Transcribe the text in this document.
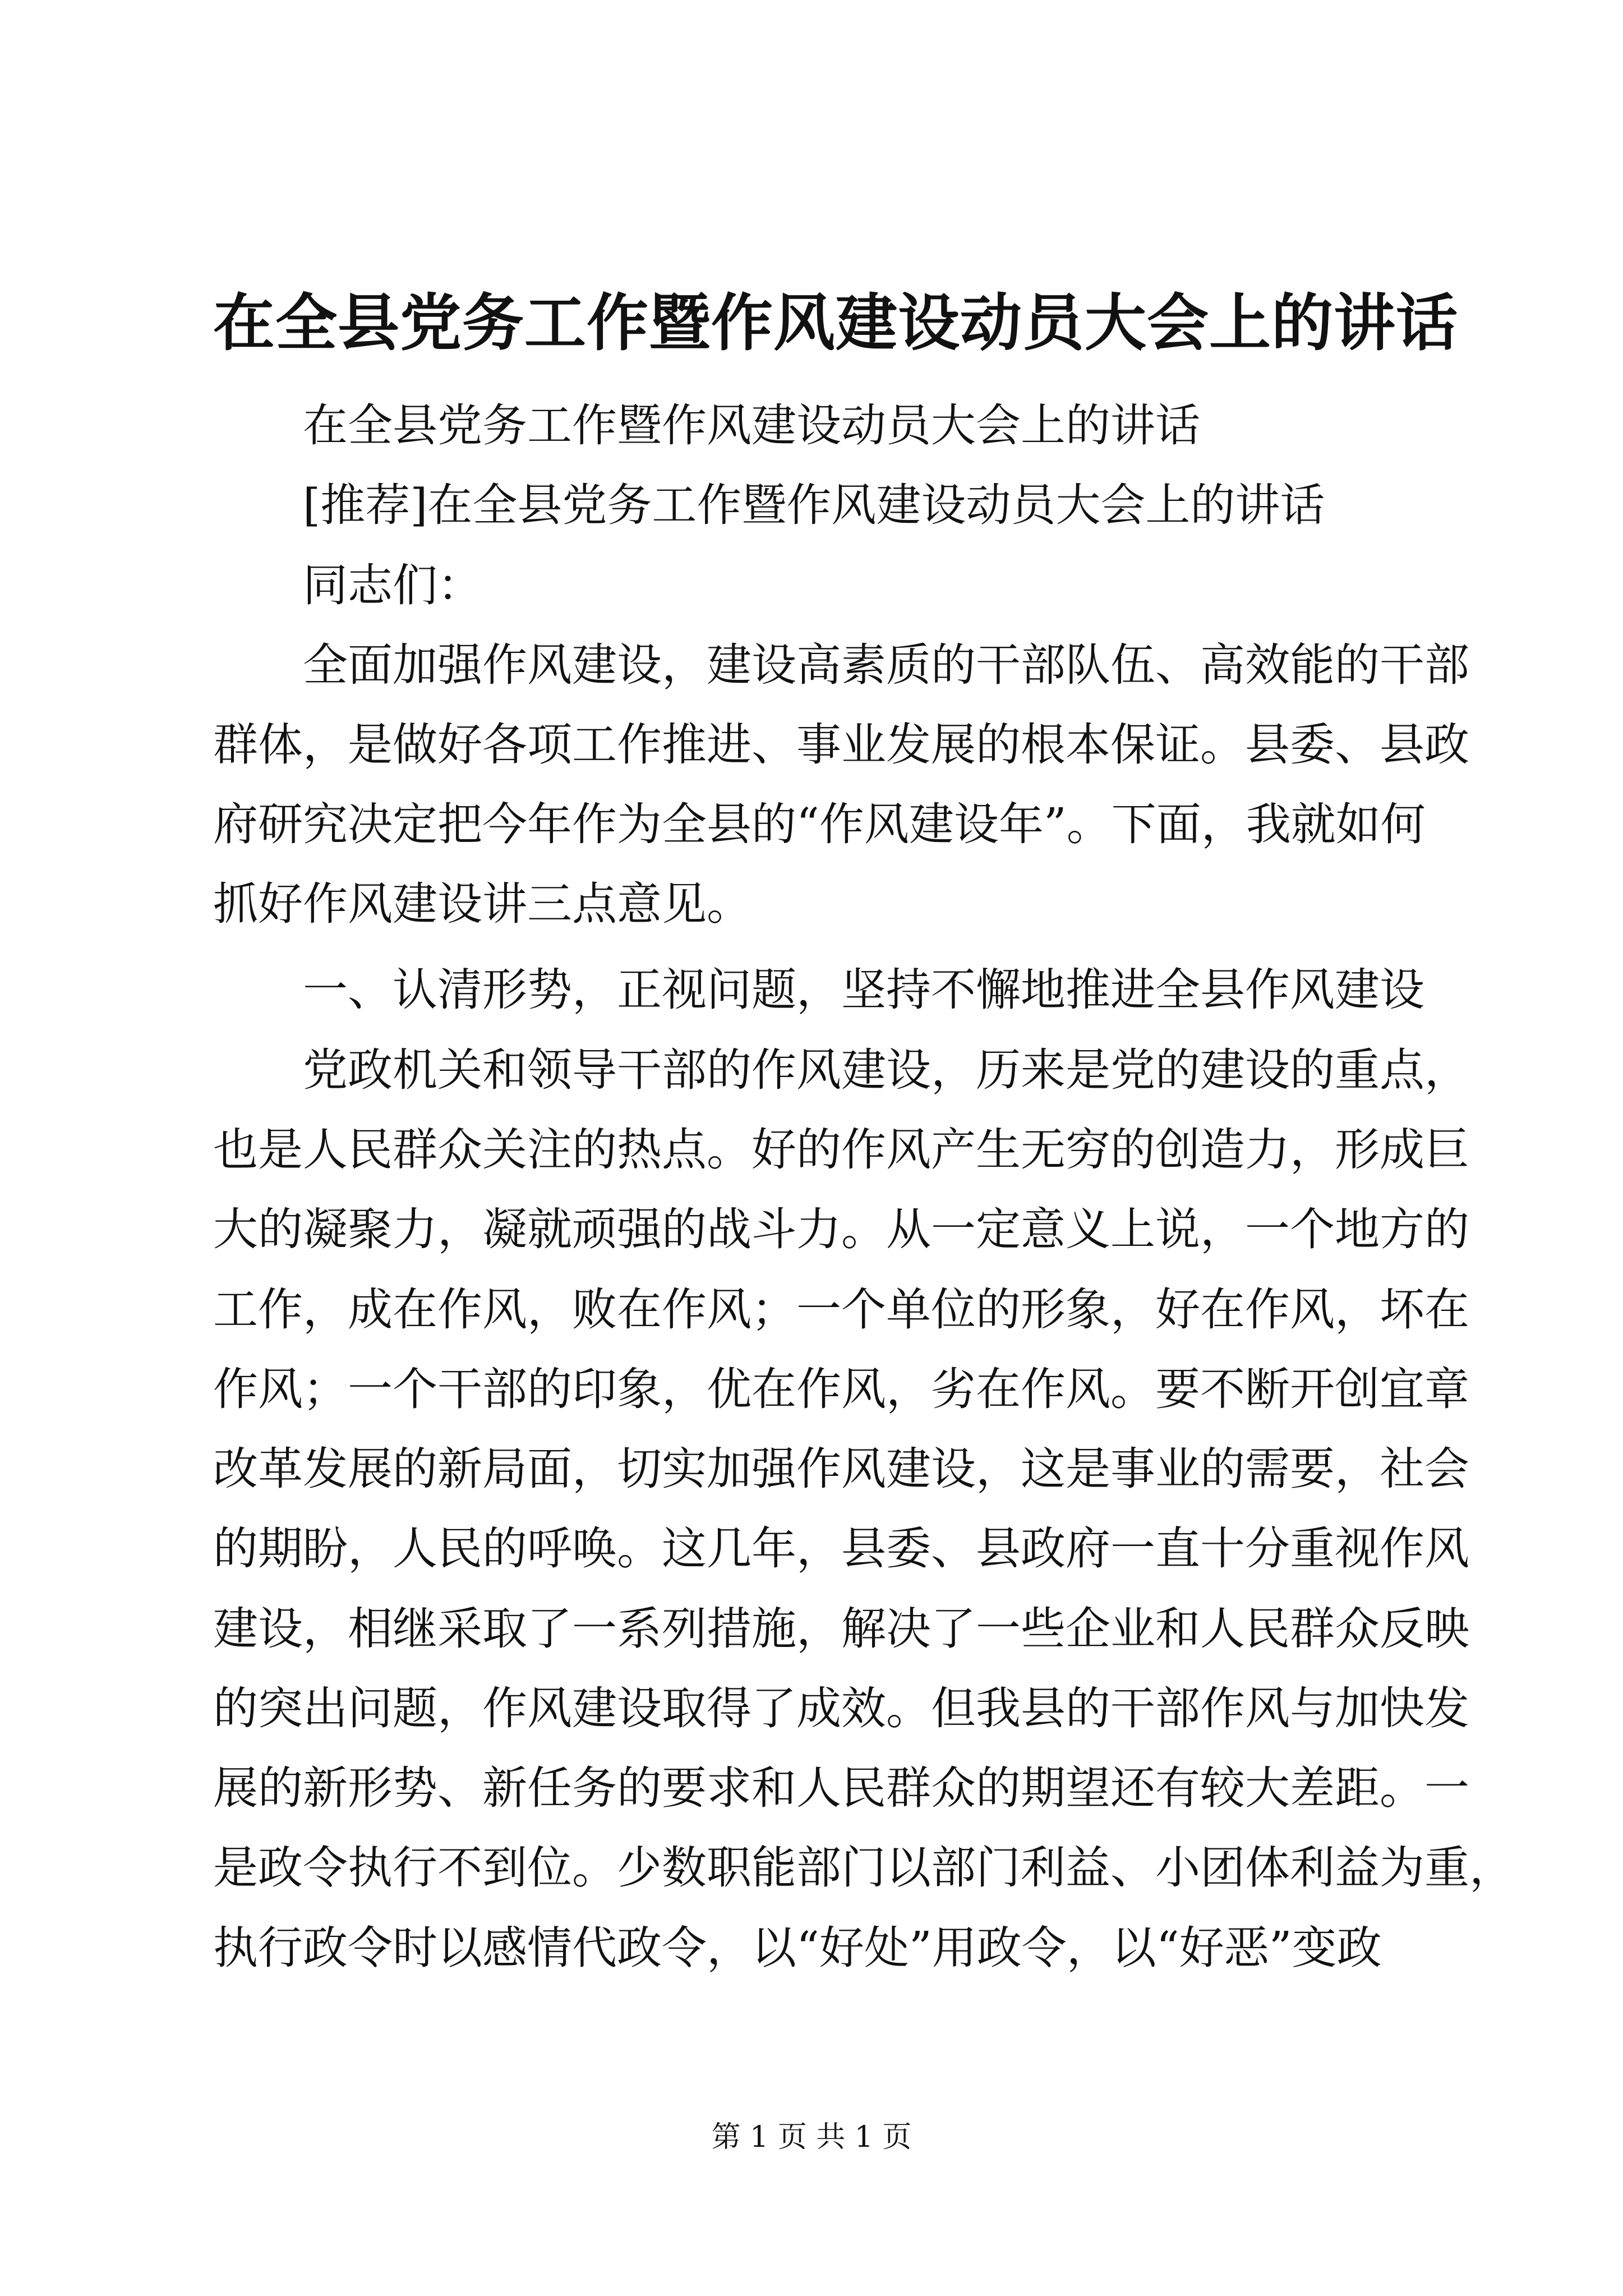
在全县党务工作暨作风建设动员大会上的讲话
在全县党务工作暨作风建设动员大会上的讲话
[推荐]在全县党务工作暨作风建设动员大会上的讲话
同志们：
全面加强作风建设，建设高素质的干部队伍、高效能的干部
群体，是做好各项工作推进、事业发展的根本保证。县委、县政
府研究决定把今年作为全县的“作风建设年”。下面，我就如何
抓好作风建设讲三点意见。
一、认清形势，正视问题，坚持不懈地推进全县作风建设
党政机关和领导干部的作风建设，历来是党的建设的重点，
也是人民群众关注的热点。好的作风产生无穷的创造力，形成巨
大的凝聚力，凝就顽强的战斗力。从一定意义上说，一个地方的
工作，成在作风，败在作风；一个单位的形象，好在作风，坏在
作风；一个干部的印象，优在作风，劣在作风。要不断开创宜章
改革发展的新局面，切实加强作风建设，这是事业的需要，社会
的期盼，人民的呼唤。这几年，县委、县政府一直十分重视作风
建设，相继采取了一系列措施，解决了一些企业和人民群众反映
的突出问题，作风建设取得了成效。但我县的干部作风与加快发
展的新形势、新任务的要求和人民群众的期望还有较大差距。一
是政令执行不到位。少数职能部门以部门利益、小团体利益为重，
执行政令时以感情代政令，以“好处”用政令，以“好恶”变政
第 1 页 共 1 页
